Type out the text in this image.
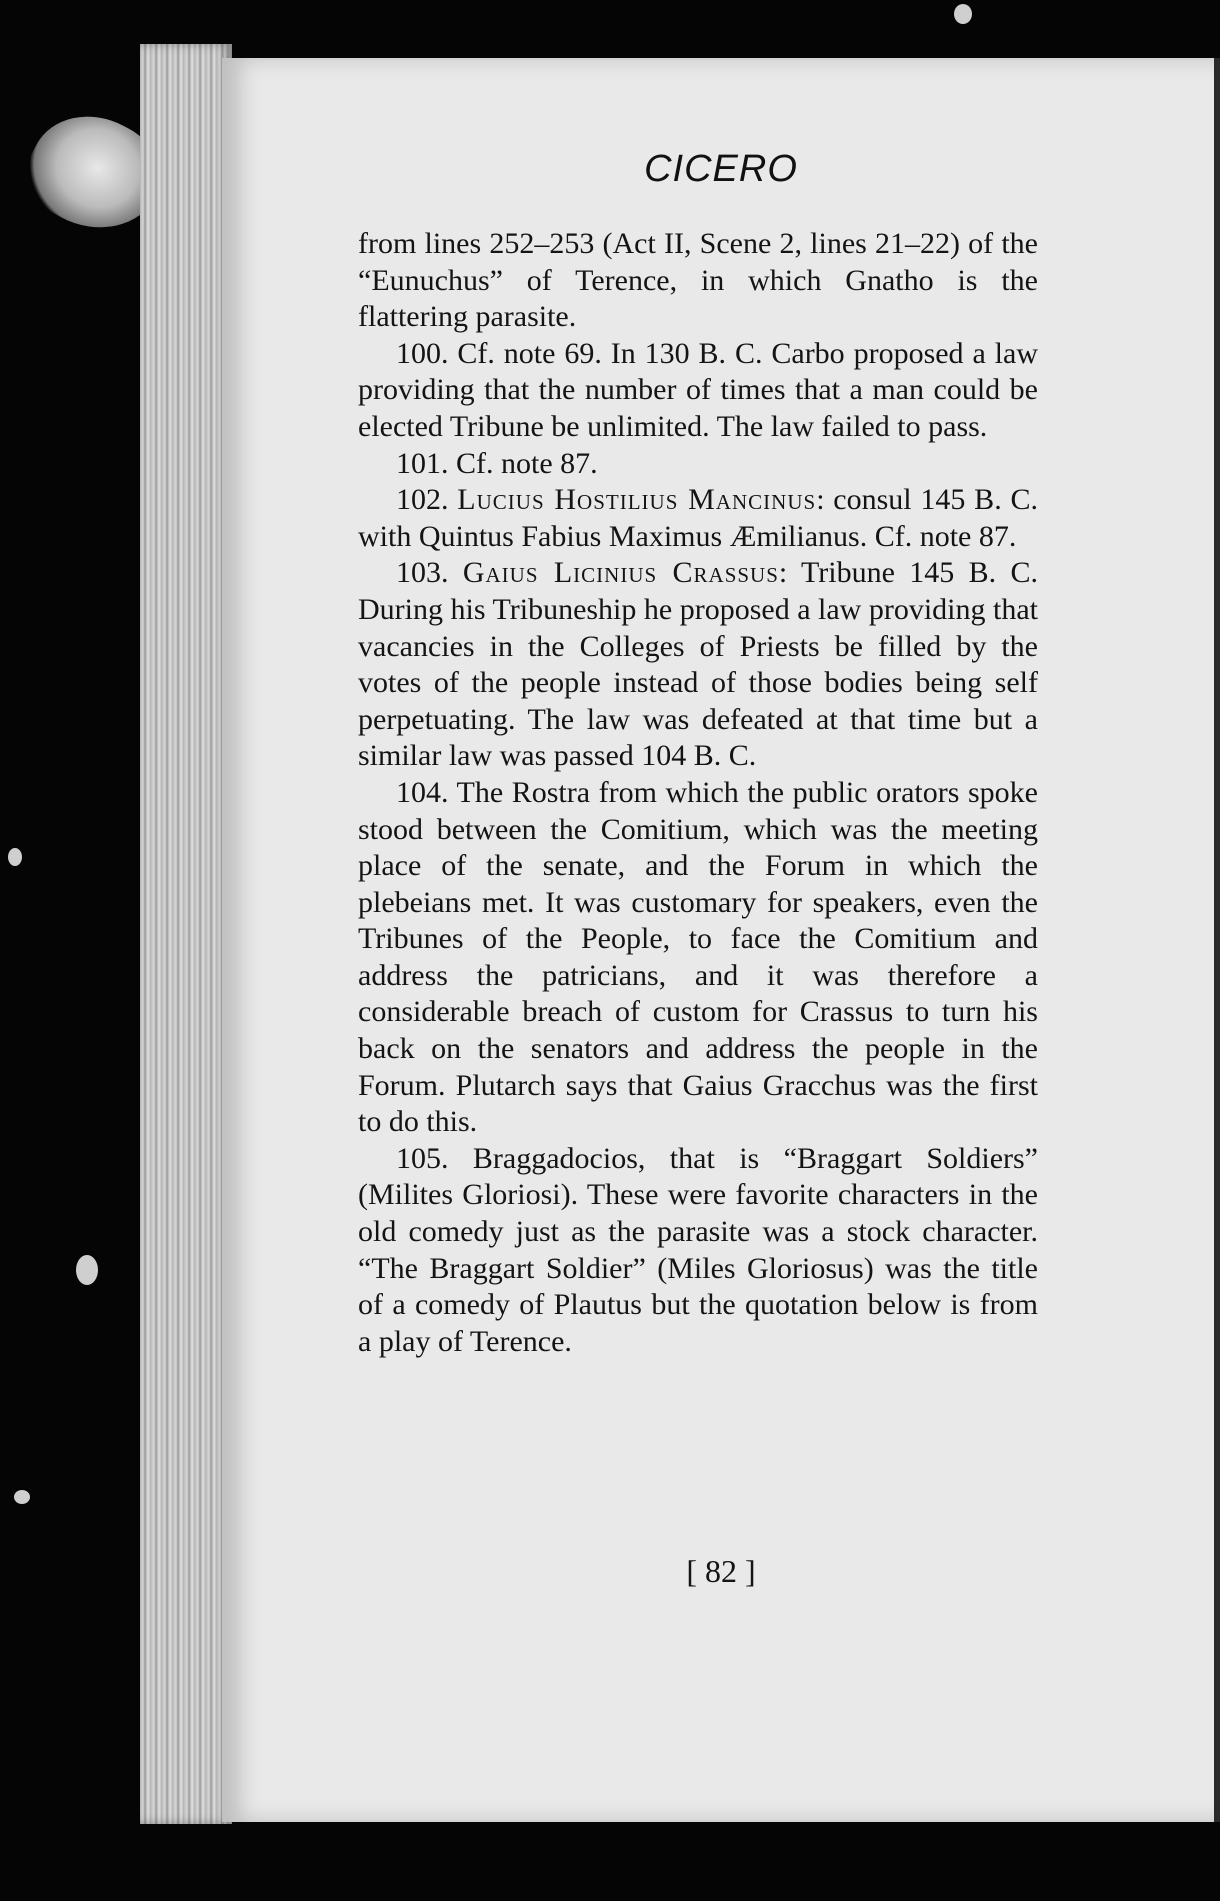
CICERO

from lines 252–253 (Act II, Scene 2, lines 21–22) of the “Eunuchus” of Terence, in which Gnatho is the flattering parasite.

100. Cf. note 69. In 130 B. C. Carbo proposed a law providing that the number of times that a man could be elected Tribune be unlimited. The law failed to pass.

101. Cf. note 87.

102. Lucius Hostilius Mancinus: consul 145 B. C. with Quintus Fabius Maximus Æmilianus. Cf. note 87.

103. Gaius Licinius Crassus: Tribune 145 B. C. During his Tribuneship he proposed a law providing that vacancies in the Colleges of Priests be filled by the votes of the people instead of those bodies being self perpetuating. The law was defeated at that time but a similar law was passed 104 B. C.

104. The Rostra from which the public orators spoke stood between the Comitium, which was the meeting place of the senate, and the Forum in which the plebeians met. It was customary for speakers, even the Tribunes of the People, to face the Comitium and address the patricians, and it was therefore a considerable breach of custom for Crassus to turn his back on the senators and address the people in the Forum. Plutarch says that Gaius Gracchus was the first to do this.

105. Braggadocios, that is “Braggart Soldiers” (Milites Gloriosi). These were favorite characters in the old comedy just as the parasite was a stock character. “The Braggart Soldier” (Miles Gloriosus) was the title of a comedy of Plautus but the quotation below is from a play of Terence.

[ 82 ]
